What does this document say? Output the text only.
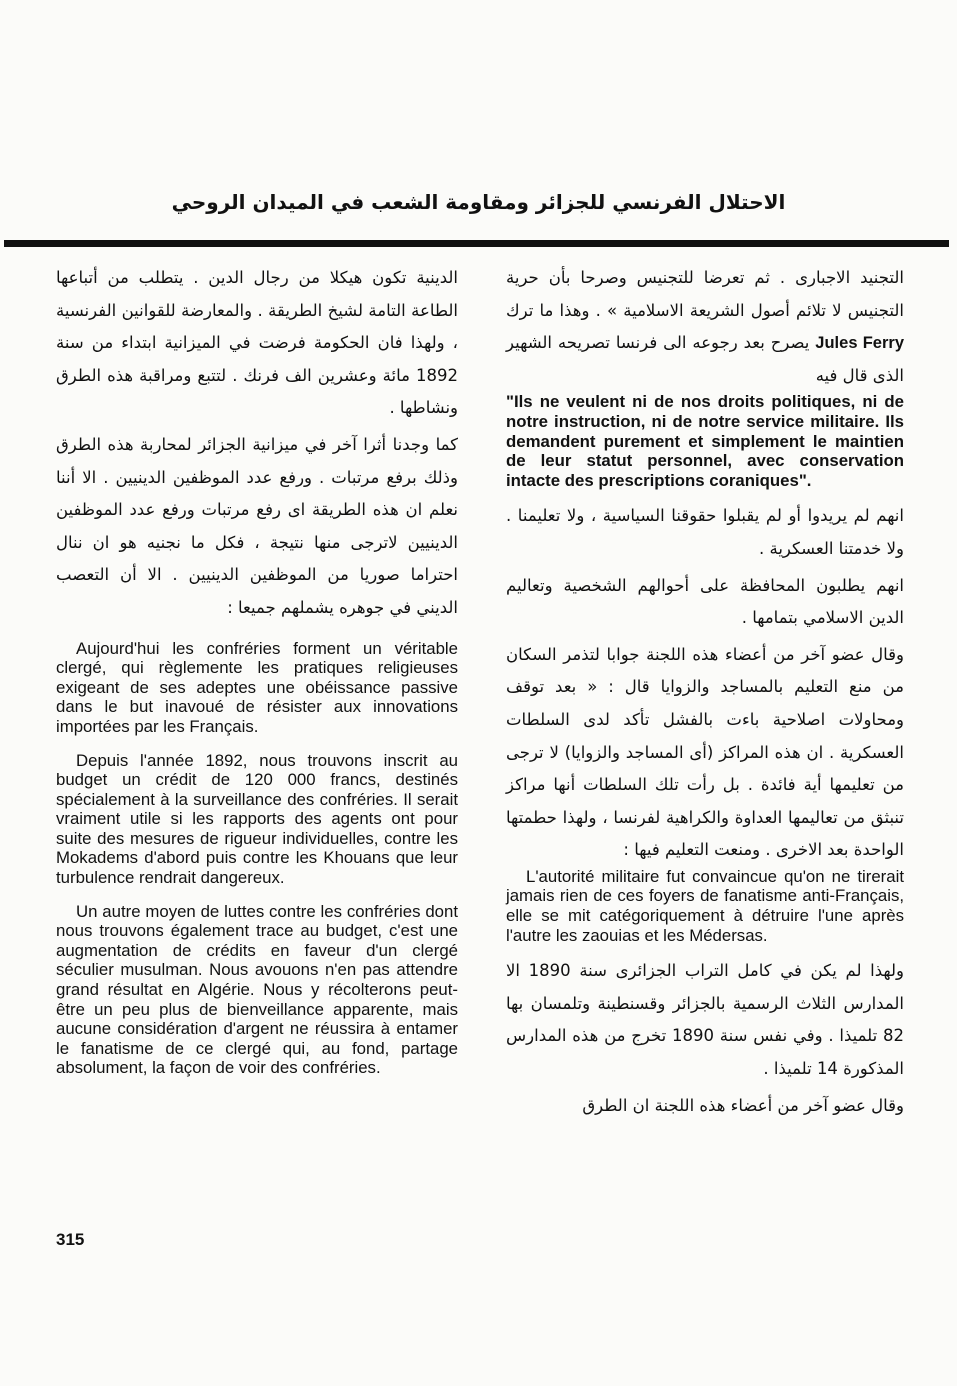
الاحتلال الفرنسي للجزائر ومقاومة الشعب في الميدان الروحي

الدينية تكون هيكلا من رجال الدين . يتطلب من أتباعها الطاعة التامة لشيخ الطريقة . والمعارضة للقوانين الفرنسية ، ولهذا فان الحكومة فرضت في الميزانية ابتداء من سنة 1892 مائة وعشرين الف فرنك . لتتبع ومراقبة هذه الطرق ونشاطها .

كما وجدنا أثرا آخر في ميزانية الجزائر لمحاربة هذه الطرق وذلك برفع مرتبات . ورفع عدد الموظفين الدينيين . الا أننا نعلم ان هذه الطريقة اى رفع مرتبات ورفع عدد الموظفين الدينيين لاترجى منها نتيجة ، فكل ما نجنيه هو ان ننال احتراما صوريا من الموظفين الدينيين . الا أن التعصب الديني في جوهره يشملهم جميعا :

Aujourd'hui les confréries forment un véritable clergé, qui règlemente les pratiques religieuses exigeant de ses adeptes une obéissance passive dans le but inavoué de résister aux innovations importées par les Français.

Depuis l'année 1892, nous trouvons inscrit au budget un crédit de 120 000 francs, destinés spécialement à la surveillance des confréries. Il serait vraiment utile si les rapports des agents ont pour suite des mesures de rigueur individuelles, contre les Mokadems d'abord puis contre les Khouans que leur turbulence rendrait dangereux.

Un autre moyen de luttes contre les confréries dont nous trouvons également trace au budget, c'est une augmentation de crédits en faveur d'un clergé séculier musulman. Nous avouons n'en pas attendre grand résultat en Algérie. Nous y récolterons peut-être un peu plus de bienveillance apparente, mais aucune considération d'argent ne réussira à entamer le fanatisme de ce clergé qui, au fond, partage absolument, la façon de voir des confréries.

التجنيد الاجبارى . ثم تعرضا للتجنيس وصرحا بأن حرية التجنيس لا تلائم أصول الشريعة الاسلامية » . وهذا ما ترك Jules Ferry يصرح بعد رجوعه الى فرنسا تصريحه الشهير الذى قال فيه

"Ils ne veulent ni de nos droits politiques, ni de notre instruction, ni de notre service militaire. Ils demandent purement et simplement le maintien de leur statut personnel, avec conservation intacte des prescriptions coraniques".

انهم لم يريدوا أو لم يقبلوا حقوقنا السياسية ، ولا تعليمنا . ولا خدمتنا العسكرية .

انهم يطلبون المحافظة على أحوالهم الشخصية وتعاليم الدين الاسلامي بتمامها .

وقال عضو آخر من أعضاء هذه اللجنة جوابا لتذمر السكان من منع التعليم بالمساجد والزوايا قال : « بعد توقف ومحاولات اصلاحية باءت بالفشل تأكد لدى السلطات العسكرية . ان هذه المراكز (أى المساجد والزوايا) لا ترجى من تعليمها أية فائدة . بل رأت تلك السلطات أنها مراكز تنبثق من تعاليمها العداوة والكراهية لفرنسا ، ولهذا حطمتها الواحدة بعد الاخرى . ومنعت التعليم فيها :

L'autorité militaire fut convaincue qu'on ne tirerait jamais rien de ces foyers de fanatisme anti-Français, elle se mit catégoriquement à détruire l'une après l'autre les zaouias et les Médersas.

ولهذا لم يكن في كامل التراب الجزائرى سنة 1890 الا المدارس الثلاث الرسمية بالجزائر وقسنطينة وتلمسان بها 82 تلميذا . وفي نفس سنة 1890 تخرج من هذه المدارس المذكورة 14 تلميذا .

وقال عضو آخر من أعضاء هذه اللجنة ان الطرق

315
